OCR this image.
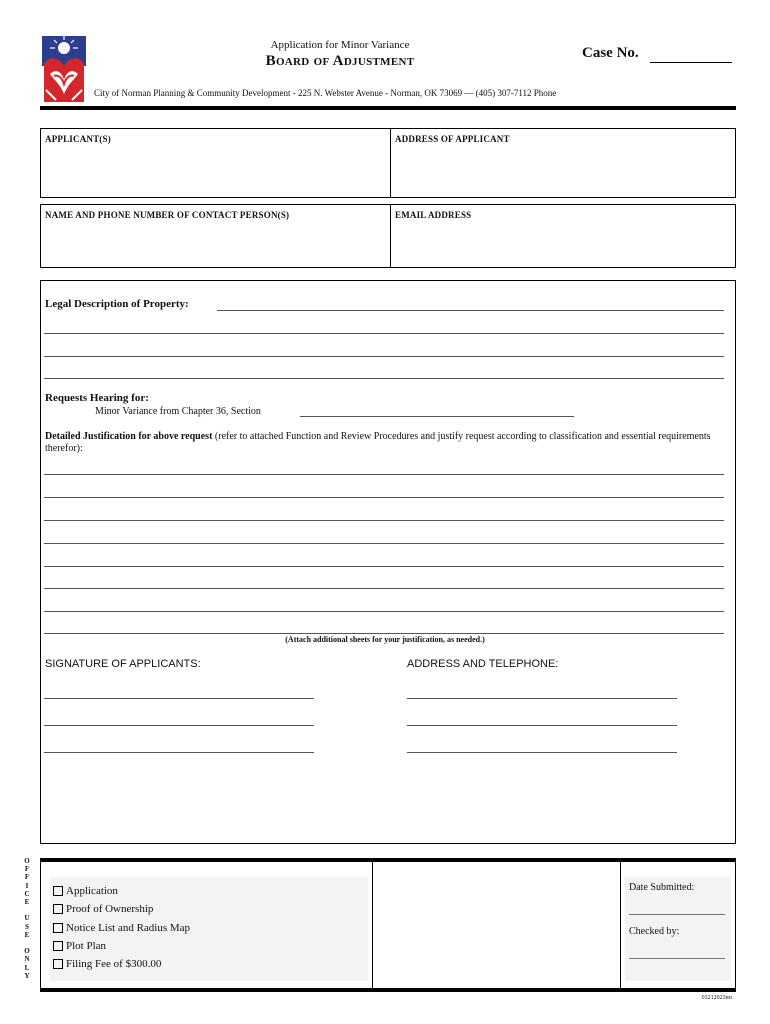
Application for Minor Variance
Board of Adjustment	Case No.
City of Norman Planning & Community Development - 225 N. Webster Avenue - Norman, OK 73069 — (405) 307-7112 Phone
APPLICANT(S)	ADDRESS OF APPLICANT
NAME AND PHONE NUMBER OF CONTACT PERSON(S)	EMAIL ADDRESS
Legal Description of Property:
Requests Hearing for:
Minor Variance from Chapter 36, Section
Detailed Justification for above request (refer to attached Function and Review Procedures and justify request according to classification and essential requirements therefor):
(Attach additional sheets for your justification, as needed.)
SIGNATURE OF APPLICANTS:	ADDRESS AND TELEPHONE:
O
F
F
I
C
E

U
S
E

O
N
L
Y
Application
Proof of Ownership
Notice List and Radius Map
Plot Plan
Filing Fee of $300.00
Date Submitted:
Checked by:
03212023mt
